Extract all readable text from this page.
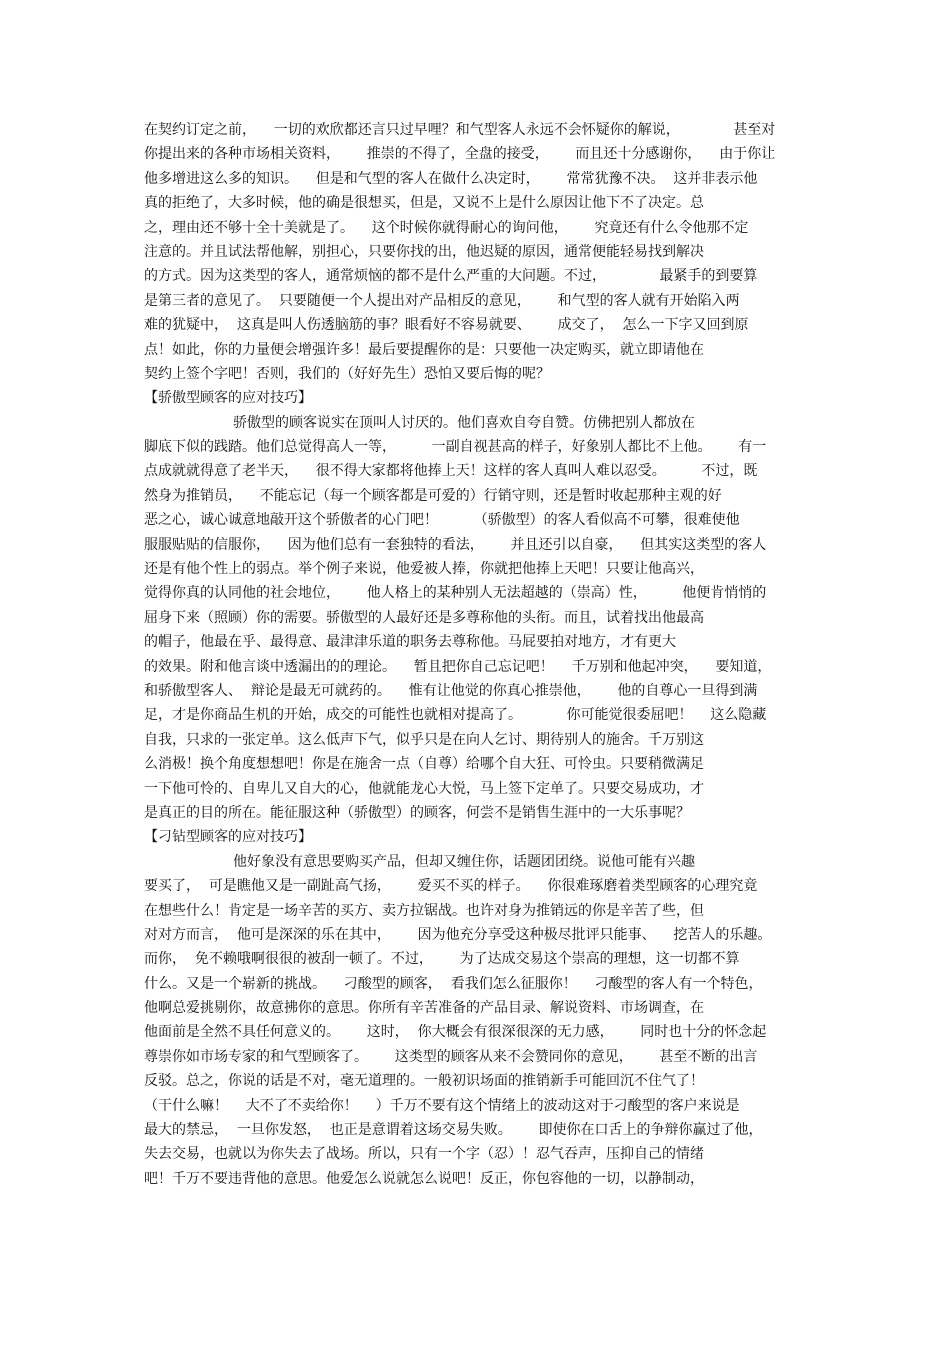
在契约订定之前，    一切的欢欣都还言只过早哩？和气型客人永远不会怀疑你的解说，            甚至对
你提出来的各种市场相关资料，      推崇的不得了，全盘的接受，      而且还十分感谢你，    由于你让
他多增进这么多的知识。    但是和气型的客人在做什么决定时，      常常犹豫不决。  这并非表示他
真的拒绝了，大多时候，他的确是很想买，但是，又说不上是什么原因让他下不了决定。总
之，理由还不够十全十美就是了。    这个时候你就得耐心的询问他，      究竟还有什么令他那不定
注意的。并且试法帮他解，别担心，只要你找的出，他迟疑的原因，通常便能轻易找到解决
的方式。因为这类型的客人，通常烦恼的都不是什么严重的大问题。不过，            最紧手的到要算
是第三者的意见了。  只要随便一个人提出对产品相反的意见，      和气型的客人就有开始陷入两
难的犹疑中，  这真是叫人伤透脑筋的事？眼看好不容易就要、      成交了，  怎么一下字又回到原
点！如此，你的力量便会增强许多！最后要提醒你的是：只要他一决定购买，就立即请他在
契约上签个字吧！否则，我们的（好好先生）恐怕又要后悔的呢？
【骄傲型顾客的应对技巧】
骄傲型的顾客说实在顶叫人讨厌的。他们喜欢自夸自赞。仿佛把别人都放在
脚底下似的践踏。他们总觉得高人一等，        一副自视甚高的样子，好象别人都比不上他。      有一
点成就就得意了老半天，    很不得大家都将他捧上天！这样的客人真叫人难以忍受。        不过，既
然身为推销员，    不能忘记（每一个顾客都是可爱的）行销守则，还是暂时收起那种主观的好
恶之心，诚心诚意地敲开这个骄傲者的心门吧！        （骄傲型）的客人看似高不可攀，很难使他
服服贴贴的信服你，    因为他们总有一套独特的看法，      并且还引以自豪，    但其实这类型的客人
还是有他个性上的弱点。举个例子来说，他爱被人捧，你就把他捧上天吧！只要让他高兴，
觉得你真的认同他的社会地位，      他人格上的某种别人无法超越的（崇高）性，        他便肯悄悄的
屈身下来（照顾）你的需要。骄傲型的人最好还是多尊称他的头衔。而且，试着找出他最高
的帽子，他最在乎、最得意、最津津乐道的职务去尊称他。马屁要拍对地方，才有更大
的效果。附和他言谈中透漏出的的理论。    暂且把你自己忘记吧！    千万别和他起冲突，    要知道，
和骄傲型客人、  辩论是最无可就药的。    惟有让他觉的你真心推崇他，      他的自尊心一旦得到满
足，才是你商品生机的开始，成交的可能性也就相对提高了。          你可能觉很委屈吧！    这么隐藏
自我，只求的一张定单。这么低声下气，似乎只是在向人乞讨、期待别人的施舍。千万别这
么消极！换个角度想想吧！你是在施舍一点（自尊）给哪个自大狂、可怜虫。只要稍微满足
一下他可怜的、自卑儿又自大的心，他就能龙心大悦，马上签下定单了。只要交易成功，才
是真正的目的所在。能征服这种（骄傲型）的顾客，何尝不是销售生涯中的一大乐事呢？
【刁钻型顾客的应对技巧】
他好象没有意思要购买产品，但却又缠住你，话题团团绕。说他可能有兴趣
要买了，  可是瞧他又是一副趾高气扬，      爱买不买的样子。    你很难琢磨着类型顾客的心理究竟
在想些什么！肯定是一场辛苦的买方、卖方拉锯战。也许对身为推销远的你是辛苦了些，但
对对方而言，  他可是深深的乐在其中，      因为他充分享受这种极尽批评只能事、    挖苦人的乐趣。
而你，  免不赖哦啊很很的被刮一顿了。不过，      为了达成交易这个崇高的理想，这一切都不算
什么。又是一个崭新的挑战。    刁酸型的顾客，  看我们怎么征服你！    刁酸型的客人有一个特色，
他啊总爱挑剔你，故意拂你的意思。你所有辛苦准备的产品目录、解说资料、市场调查，在
他面前是全然不具任何意义的。      这时，  你大概会有很深很深的无力感，      同时也十分的怀念起
尊崇你如市场专家的和气型顾客了。      这类型的顾客从来不会赞同你的意见，      甚至不断的出言
反驳。总之，你说的话是不对，毫无道理的。一般初识场面的推销新手可能回沉不住气了！
（干什么嘛！    大不了不卖给你！    ）千万不要有这个情绪上的波动这对于刁酸型的客户来说是
最大的禁忌，  一旦你发怒，  也正是意谓着这场交易失败。      即使你在口舌上的争辩你赢过了他，
失去交易，也就以为你失去了战场。所以，只有一个字（忍）！忍气吞声，压抑自己的情绪
吧！千万不要违背他的意思。他爱怎么说就怎么说吧！反正，你包容他的一切，以静制动，
